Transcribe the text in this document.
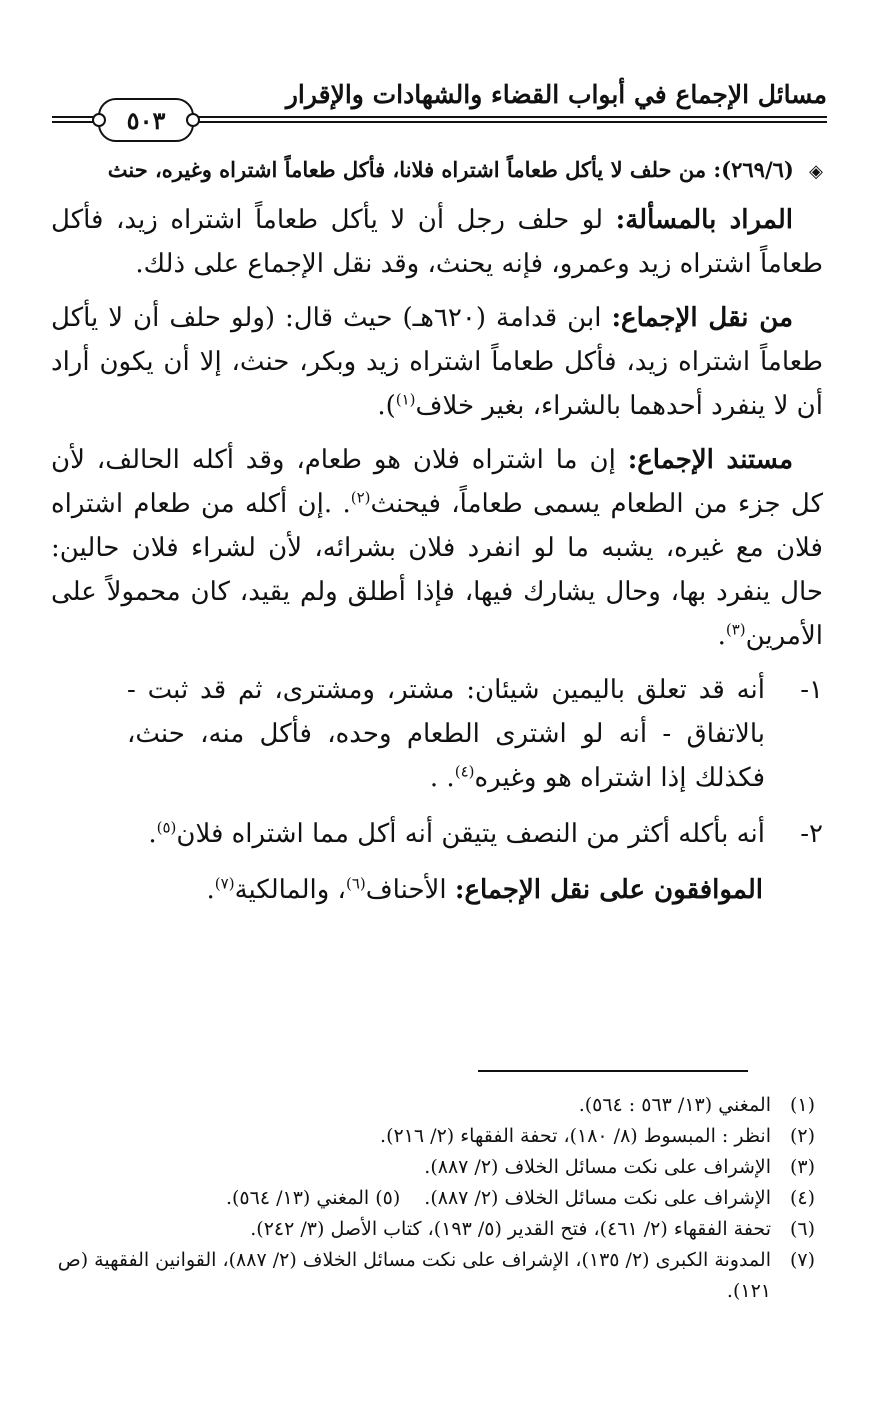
مسائل الإجماع في أبواب القضاء والشهادات والإقرار
٥٠٣
◈ (٢٦٩/٦): من حلف لا يأكل طعاماً اشتراه فلانا، فأكل طعاماً اشتراه وغيره، حنث

المراد بالمسألة: لو حلف رجل أن لا يأكل طعاماً اشتراه زيد، فأكل طعاماً اشتراه زيد وعمرو، فإنه يحنث، وقد نقل الإجماع على ذلك.

من نقل الإجماع: ابن قدامة (٦٢٠هـ) حيث قال: (ولو حلف أن لا يأكل طعاماً اشتراه زيد، فأكل طعاماً اشتراه زيد وبكر، حنث، إلا أن يكون أراد أن لا ينفرد أحدهما بالشراء، بغير خلاف$^{(١)}$).

مستند الإجماع: إن ما اشتراه فلان هو طعام، وقد أكله الحالف، لأن كل جزء من الطعام يسمى طعاماً، فيحنث$^{(٢)}$. .إن أكله من طعام اشتراه فلان مع غيره، يشبه ما لو انفرد فلان بشرائه، لأن لشراء فلان حالين: حال ينفرد بها، وحال يشارك فيها، فإذا أطلق ولم يقيد، كان محمولاً على الأمرين$^{(٣)}$.

١-
أنه قد تعلق باليمين شيئان: مشتر، ومشترى، ثم قد ثبت - بالاتفاق - أنه لو اشترى الطعام وحده، فأكل منه، حنث، فكذلك إذا اشتراه هو وغيره$^{(٤)}$. .
٢-
أنه بأكله أكثر من النصف يتيقن أنه أكل مما اشتراه فلان$^{(٥)}$.

الموافقون على نقل الإجماع: الأحناف$^{(٦)}$، والمالكية$^{(٧)}$.

(١)
المغني (١٣/ ٥٦٣ : ٥٦٤).
(٢)
انظر : المبسوط (٨/ ١٨٠)، تحفة الفقهاء (٢/ ٢١٦).
(٣)
الإشراف على نكت مسائل الخلاف (٢/ ٨٨٧).
(٤)
الإشراف على نكت مسائل الخلاف (٢/ ٨٨٧).(٥) المغني (١٣/ ٥٦٤).
(٦)
تحفة الفقهاء (٢/ ٤٦١)، فتح القدير (٥/ ١٩٣)، كتاب الأصل (٣/ ٢٤٢).
(٧)
المدونة الكبرى (٢/ ١٣٥)، الإشراف على نكت مسائل الخلاف (٢/ ٨٨٧)، القوانين الفقهية (ص ١٢١).
